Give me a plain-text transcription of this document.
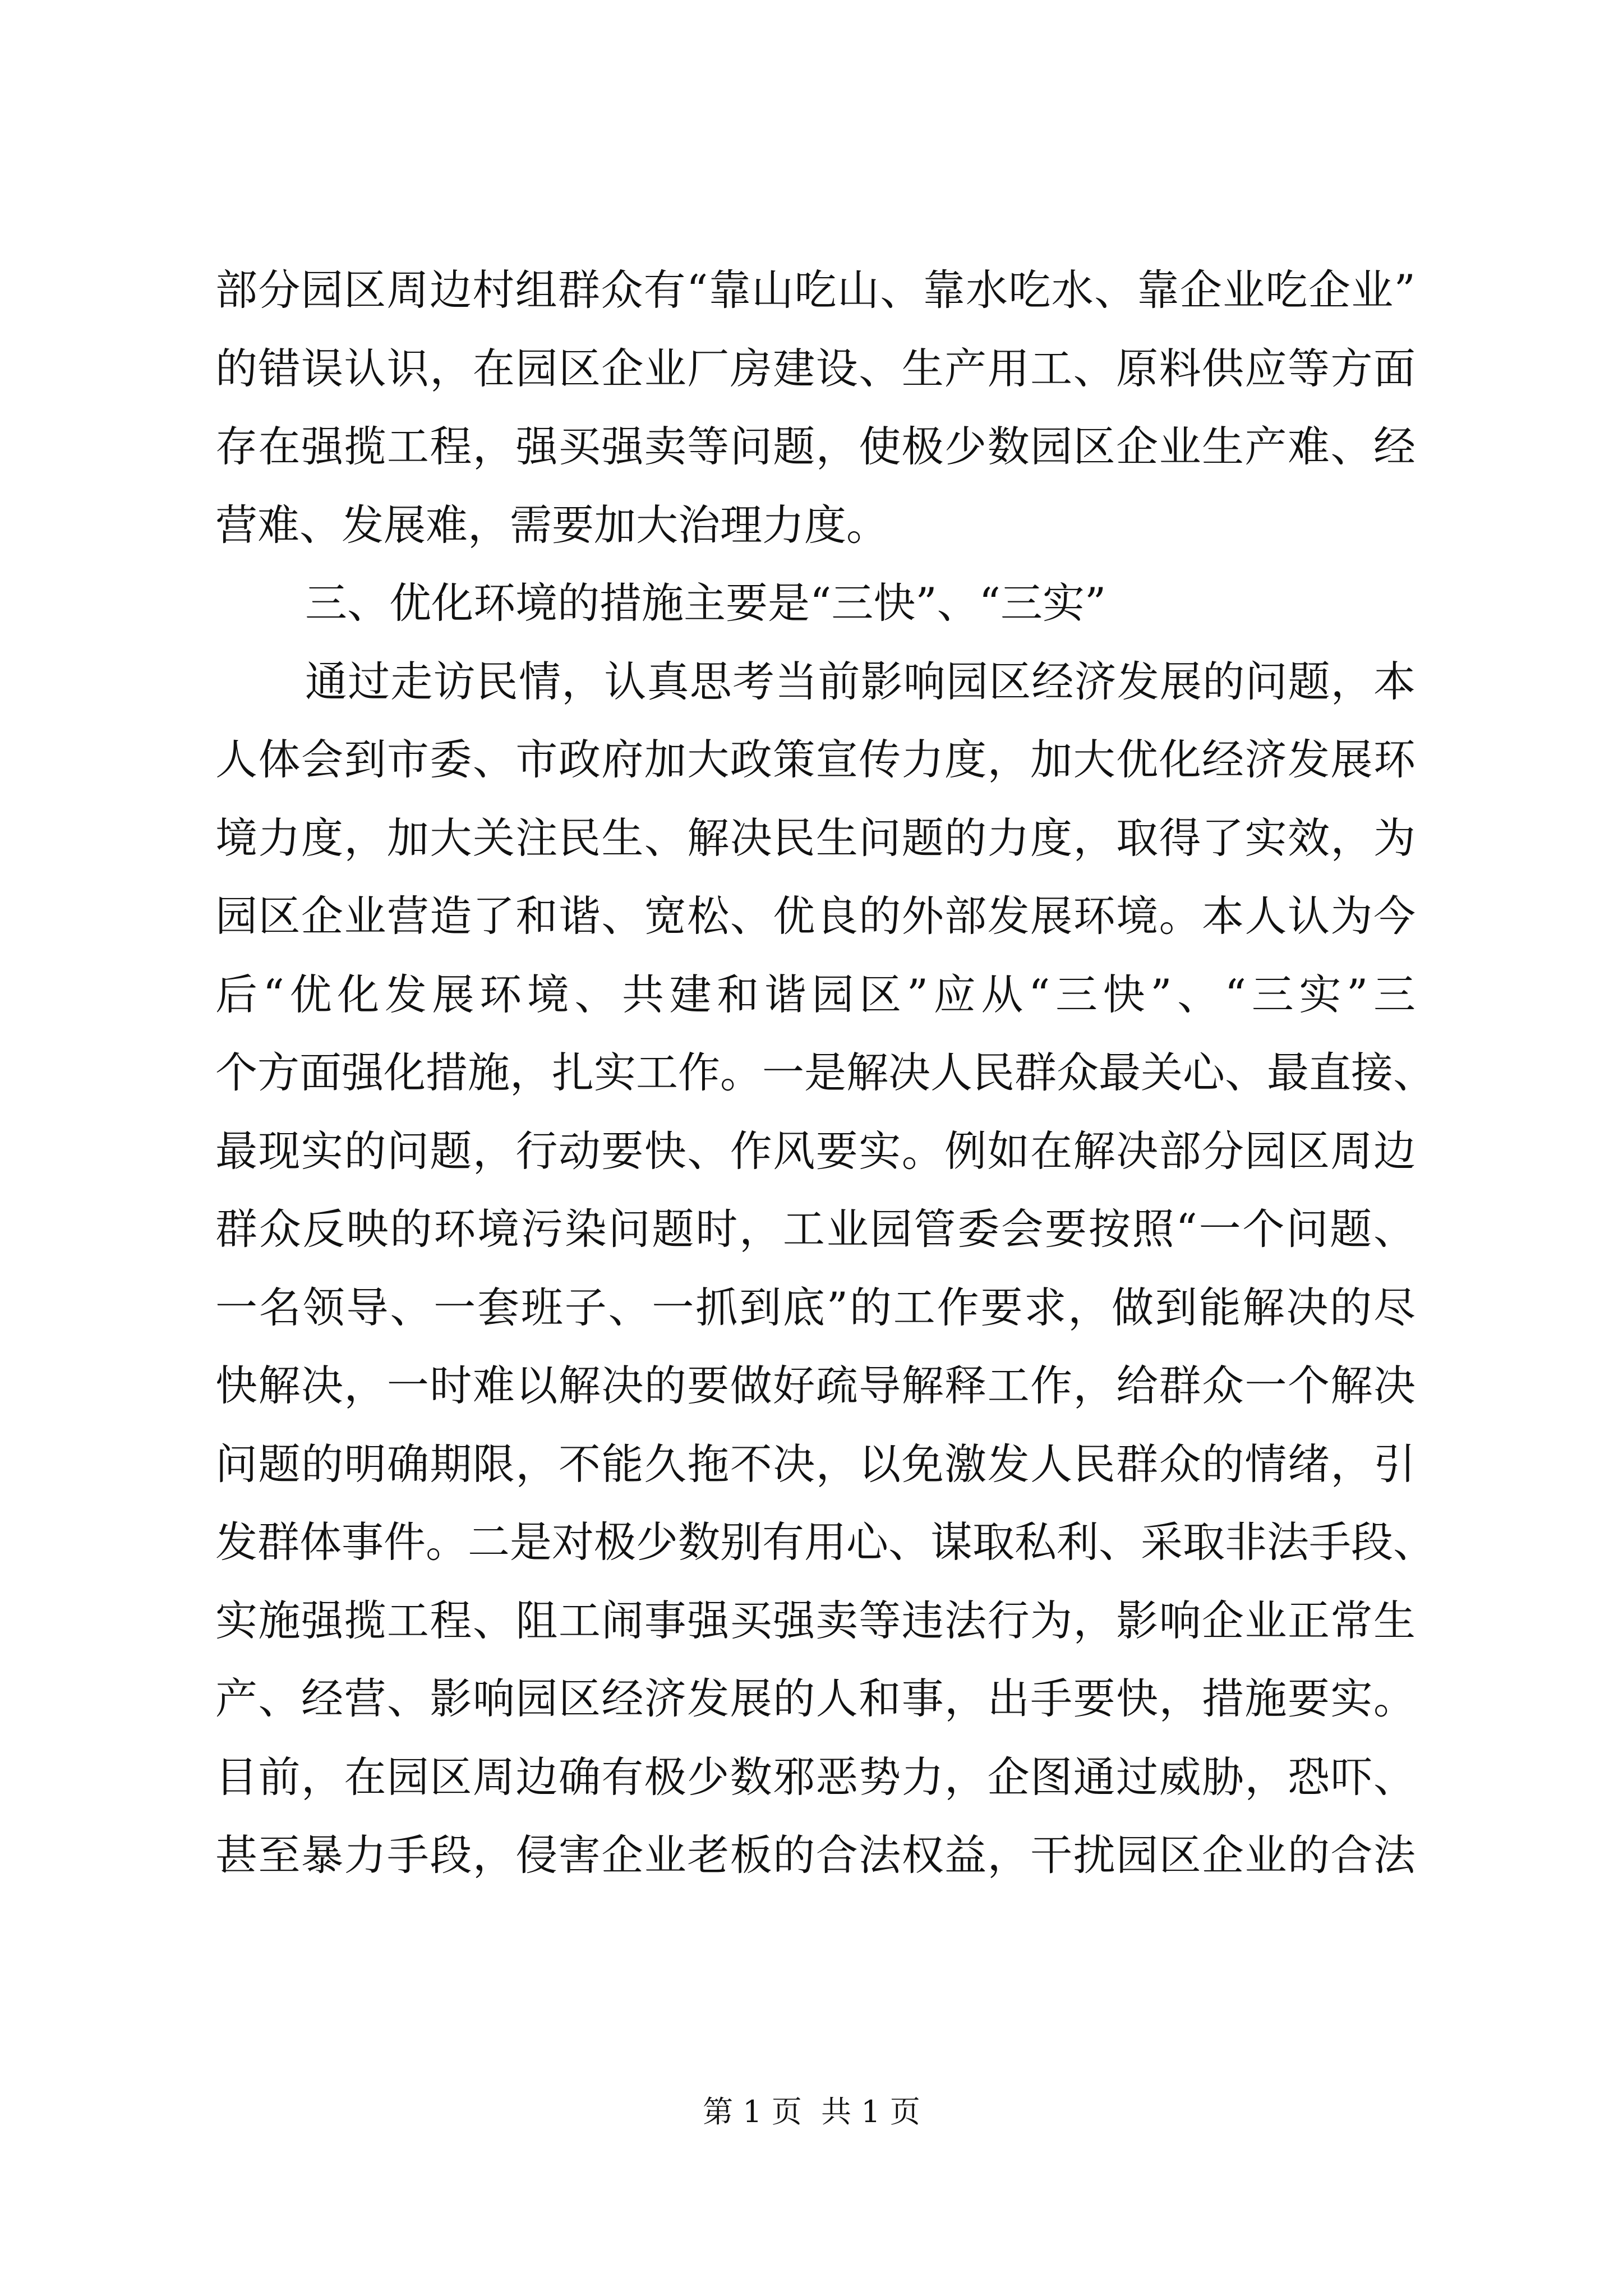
部分园区周边村组群众有“靠山吃山、靠水吃水、靠企业吃企业”
的错误认识，在园区企业厂房建设、生产用工、原料供应等方面
存在强揽工程，强买强卖等问题，使极少数园区企业生产难、经
营难、发展难，需要加大治理力度。
三、优化环境的措施主要是“三快”、“三实”
通过走访民情，认真思考当前影响园区经济发展的问题，本
人体会到市委、市政府加大政策宣传力度，加大优化经济发展环
境力度，加大关注民生、解决民生问题的力度，取得了实效，为
园区企业营造了和谐、宽松、优良的外部发展环境。本人认为今
后“优化发展环境、共建和谐园区”应从“三快”、“三实”三
个方面强化措施，扎实工作。一是解决人民群众最关心、最直接、
最现实的问题，行动要快、作风要实。例如在解决部分园区周边
群众反映的环境污染问题时，工业园管委会要按照“一个问题、
一名领导、一套班子、一抓到底”的工作要求，做到能解决的尽
快解决，一时难以解决的要做好疏导解释工作，给群众一个解决
问题的明确期限，不能久拖不决，以免激发人民群众的情绪，引
发群体事件。二是对极少数别有用心、谋取私利、采取非法手段、
实施强揽工程、阻工闹事强买强卖等违法行为，影响企业正常生
产、经营、影响园区经济发展的人和事，出手要快，措施要实。
目前，在园区周边确有极少数邪恶势力，企图通过威胁，恐吓、
甚至暴力手段，侵害企业老板的合法权益，干扰园区企业的合法
第 1 页  共 1 页
